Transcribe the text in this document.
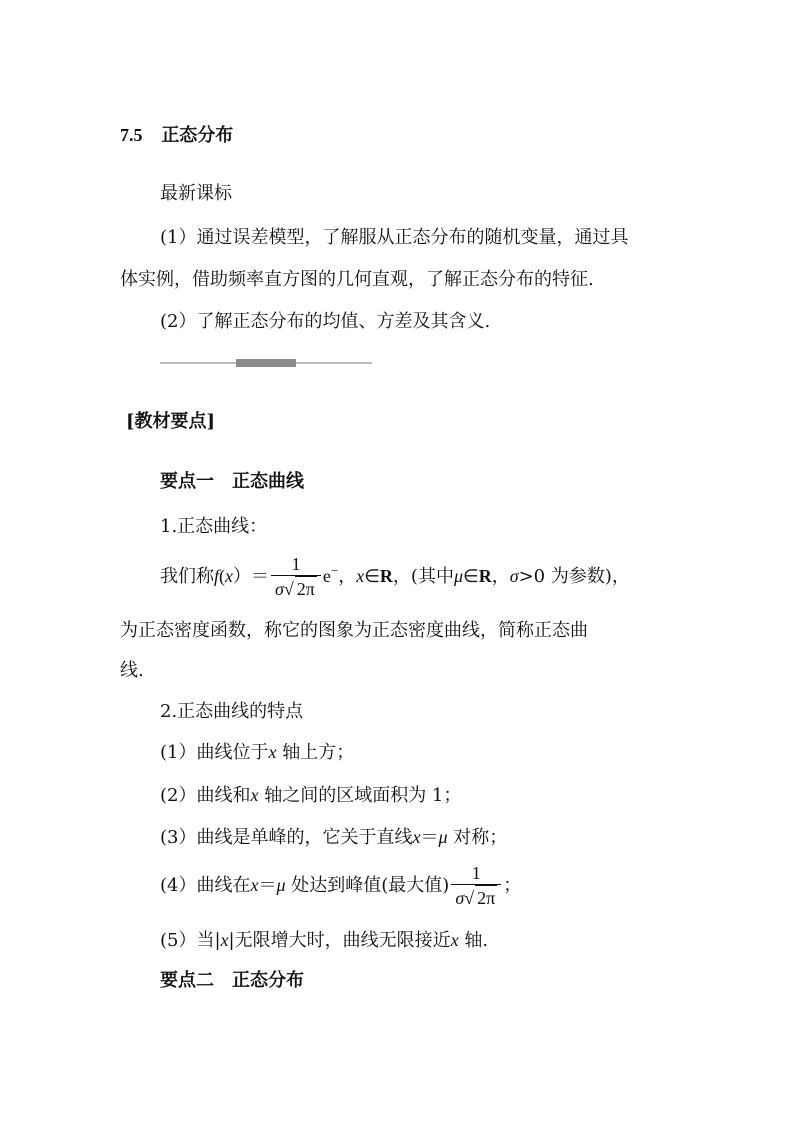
7.5 正态分布
最新课标
(1）通过误差模型，了解服从正态分布的随机变量，通过具
体实例，借助频率直方图的几何直观，了解正态分布的特征.
(2）了解正态分布的均值、方差及其含义.
[教材要点]
要点一　正态曲线
1.正态曲线：
我们称$f(x)= \frac{1}{\sigma√ 2\pi} e^-$，x∈R，(其中μ∈R，σ>0 为参数)，
为正态密度函数，称它的图象为正态密度曲线，简称正态曲
线.
2.正态曲线的特点
(1）曲线位于x 轴上方；
(2）曲线和x 轴之间的区域面积为 1；
(3）曲线是单峰的，它关于直线x＝μ 对称；
(4）曲线在x＝μ 处达到峰值(最大值) $\frac{1}{\sigma√ 2\pi}$ ；
(5）当|x|无限增大时，曲线无限接近x 轴.
要点二　正态分布
